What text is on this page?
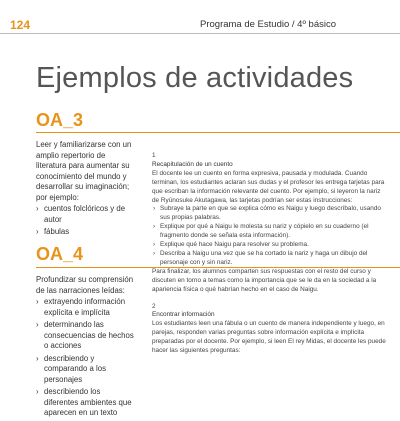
124	Programa de Estudio / 4º básico
Ejemplos de actividades
OA_3
Leer y familiarizarse con un amplio repertorio de literatura para aumentar su conocimiento del mundo y desarrollar su imaginación; por ejemplo:
› cuentos folclóricos y de autor
› fábulas
OA_4
Profundizar su comprensión de las narraciones leídas:
› extrayendo información explícita e implícita
› determinando las consecuencias de hechos o acciones
› describiendo y comparando a los personajes
› describiendo los diferentes ambientes que aparecen en un texto
1
Recapitulación de un cuento

El docente lee un cuento en forma expresiva, pausada y modulada. Cuando terminan, los estudiantes aclaran sus dudas y el profesor les entrega tarjetas para que escriban la información relevante del cuento. Por ejemplo, si leyeron la nariz de Ryūnosuke Akutagawa, las tarjetas podrían ser estas instrucciones:

› Subraye la parte en que se explica cómo es Naigu y luego descríbalo, usando sus propias palabras.
› Explique por qué a Naigu le molesta su nariz y cópielo en su cuaderno (el fragmento donde se señala esta información).
› Explique qué hace Naigu para resolver su problema.
› Describa a Naigu una vez que se ha cortado la nariz y haga un dibujo del personaje con y sin nariz.

Para finalizar, los alumnos comparten sus respuestas con el resto del curso y discuten en torno a temas como la importancia que se le da en la sociedad a la apariencia física o qué habrían hecho en el caso de Naigu.

2
Encontrar información

Los estudiantes leen una fábula o un cuento de manera independiente y luego, en parejas, responden varias preguntas sobre información explícita e implícita preparadas por el docente. Por ejemplo, si leen El rey Midas, el docente les puede hacer las siguientes preguntas:
